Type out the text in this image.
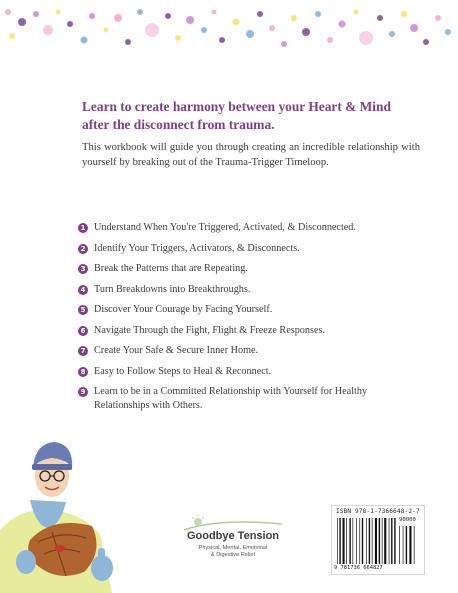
Learn to create harmony between your Heart & Mind
after the disconnect from trauma.
This workbook will guide you through creating an incredible relationship with yourself by breaking out of the Trauma-Trigger Timeloop.
1 Understand When You're Triggered, Activated, & Disconnected.
2 Identify Your Triggers, Activators, & Disconnects.
3 Break the Patterns that are Repeating.
4 Turn Breakdowns into Breakthroughs.
5 Discover Your Courage by Facing Yourself.
6 Navigate Through the Fight, Flight & Freeze Responses.
7 Create Your Safe & Secure Inner Home.
8 Easy to Follow Steps to Heal & Reconnect.
9 Learn to be in a Committed Relationship with Yourself for Healthy Relationships with Others.
Goodbye Tension
Physical, Mental, Emotional
& Digestive Relief
ISBN 978-1-7366648-2-7
90000
9 781736 664827
